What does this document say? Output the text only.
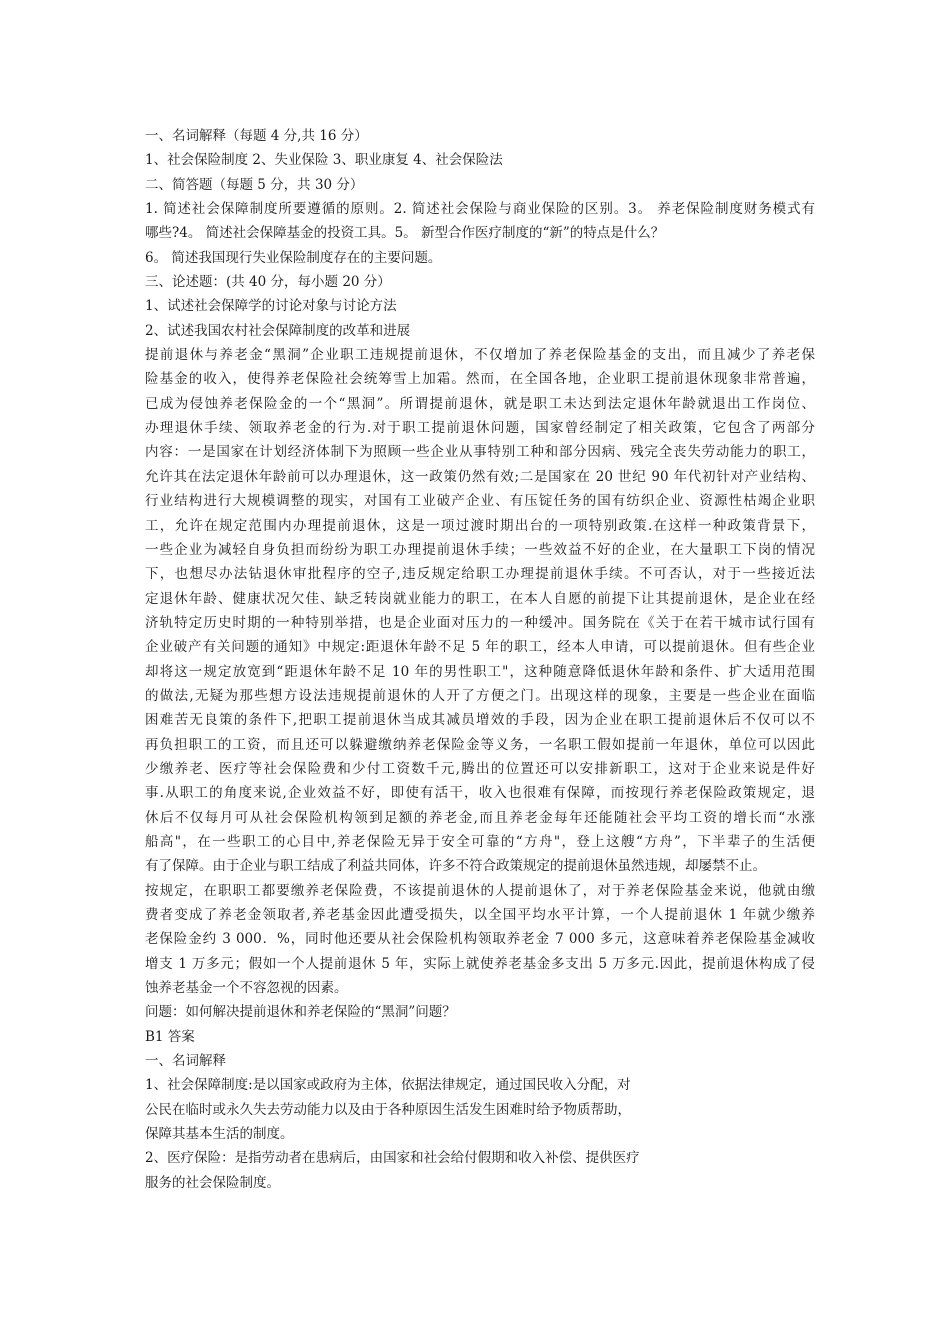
一、名词解释（每题 4 分,共 16 分）
1、社会保险制度 2、失业保险 3、职业康复 4、社会保险法
二、简答题（每题 5 分，共 30 分）
1. 简述社会保障制度所要遵循的原则。2. 简述社会保险与商业保险的区别。3。 养老保险制度财务模式有
哪些?4。 简述社会保障基金的投资工具。5。 新型合作医疗制度的“新”的特点是什么？
6。 简述我国现行失业保险制度存在的主要问题。
三、论述题：(共 40 分，每小题 20 分）
1、试述社会保障学的讨论对象与讨论方法
2、试述我国农村社会保障制度的改革和进展
提前退休与养老金“黑洞”企业职工违规提前退休，不仅增加了养老保险基金的支出，而且减少了养老保
险基金的收入，使得养老保险社会统筹雪上加霜。然而，在全国各地，企业职工提前退休现象非常普遍，
已成为侵蚀养老保险金的一个“黑洞”。所谓提前退休，就是职工未达到法定退休年龄就退出工作岗位、
办理退休手续、领取养老金的行为.对于职工提前退休问题，国家曾经制定了相关政策，它包含了两部分
内容：一是国家在计划经济体制下为照顾一些企业从事特别工种和部分因病、残完全丧失劳动能力的职工，
允许其在法定退休年龄前可以办理退休，这一政策仍然有效;二是国家在 20 世纪 90 年代初针对产业结构、
行业结构进行大规模调整的现实，对国有工业破产企业、有压锭任务的国有纺织企业、资源性枯竭企业职
工，允许在规定范围内办理提前退休，这是一项过渡时期出台的一项特别政策.在这样一种政策背景下，
一些企业为减轻自身负担而纷纷为职工办理提前退休手续；一些效益不好的企业，在大量职工下岗的情况
下，也想尽办法钻退休审批程序的空子,违反规定给职工办理提前退休手续。不可否认，对于一些接近法
定退休年龄、健康状况欠佳、缺乏转岗就业能力的职工，在本人自愿的前提下让其提前退休，是企业在经
济轨特定历史时期的一种特别举措，也是企业面对压力的一种缓冲。国务院在《关于在若干城市试行国有
企业破产有关问题的通知》中规定:距退休年龄不足 5 年的职工，经本人申请，可以提前退休。但有些企业
却将这一规定放宽到“距退休年龄不足 10 年的男性职工"，这种随意降低退休年龄和条件、扩大适用范围
的做法,无疑为那些想方设法违规提前退休的人开了方便之门。出现这样的现象，主要是一些企业在面临
困难苦无良策的条件下,把职工提前退休当成其减员增效的手段，因为企业在职工提前退休后不仅可以不
再负担职工的工资，而且还可以躲避缴纳养老保险金等义务，一名职工假如提前一年退休，单位可以因此
少缴养老、医疗等社会保险费和少付工资数千元,腾出的位置还可以安排新职工，这对于企业来说是件好
事.从职工的角度来说,企业效益不好，即使有活干，收入也很难有保障，而按现行养老保险政策规定，退
休后不仅每月可从社会保险机构领到足额的养老金,而且养老金每年还能随社会平均工资的增长而“水涨
船高"，在一些职工的心目中,养老保险无异于安全可靠的“方舟"，登上这艘“方舟”，下半辈子的生活便
有了保障。由于企业与职工结成了利益共同体，许多不符合政策规定的提前退休虽然违规，却屡禁不止。
按规定，在职职工都要缴养老保险费，不该提前退休的人提前退休了，对于养老保险基金来说，他就由缴
费者变成了养老金领取者,养老基金因此遭受损失，以全国平均水平计算，一个人提前退休 1 年就少缴养
老保险金约 3 000．%，同时他还要从社会保险机构领取养老金 7 000 多元，这意味着养老保险基金减收
增支 1 万多元；假如一个人提前退休 5 年，实际上就使养老基金多支出 5 万多元.因此，提前退休构成了侵
蚀养老基金一个不容忽视的因素。
问题：如何解决提前退休和养老保险的“黑洞”问题？
B1 答案
一、名词解释
1、社会保障制度:是以国家或政府为主体，依据法律规定，通过国民收入分配，对
公民在临时或永久失去劳动能力以及由于各种原因生活发生困难时给予物质帮助，
保障其基本生活的制度。
2、医疗保险：是指劳动者在患病后，由国家和社会给付假期和收入补偿、提供医疗
服务的社会保险制度。
